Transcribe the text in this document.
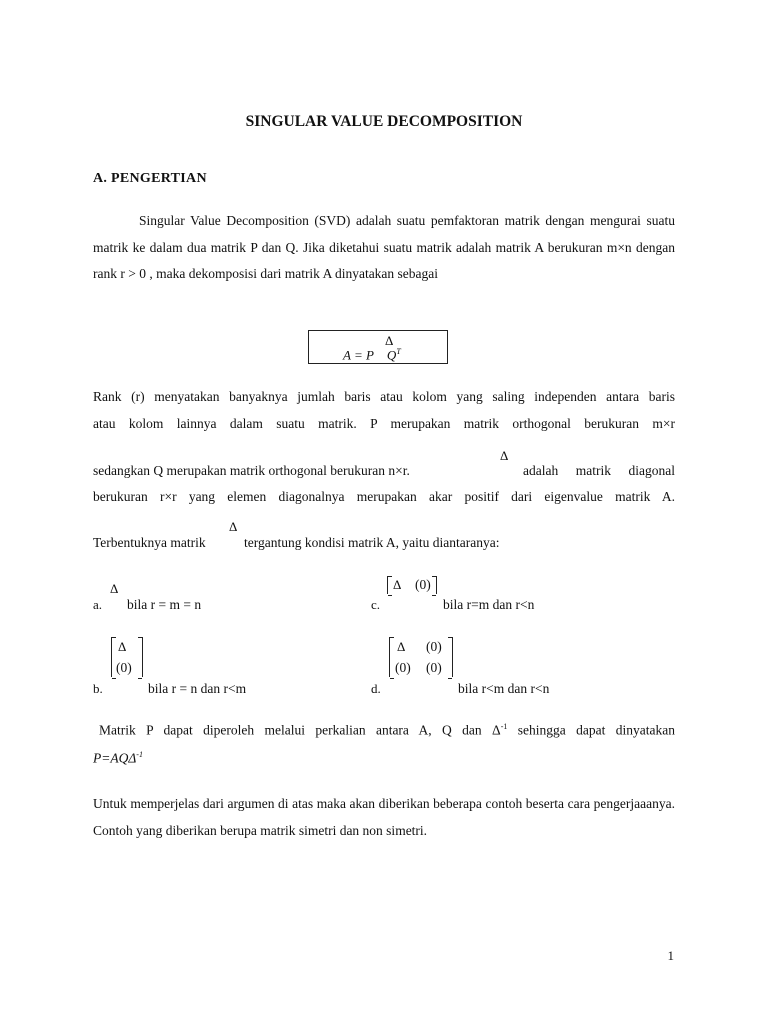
SINGULAR VALUE DECOMPOSITION
A. PENGERTIAN
Singular Value Decomposition (SVD) adalah suatu pemfaktoran matrik dengan mengurai suatu matrik ke dalam dua matrik P dan Q. Jika diketahui suatu matrik adalah matrik A berukuran m×n dengan rank r > 0 , maka dekomposisi dari matrik A dinyatakan sebagai
Δ
A = P $Q^T$
Rank (r) menyatakan banyaknya jumlah baris atau kolom yang saling independen antara baris
atau kolom lainnya dalam suatu matrik. P merupakan matrik orthogonal berukuran m×r
Δ
sedangkan Q merupakan matrik orthogonal berukuran n×r.	adalah matrik diagonal
berukuran r×r yang elemen diagonalnya merupakan akar positif dari eigenvalue matrik A.
Δ
Terbentuknya matrik	tergantung kondisi matrik A, yaitu diantaranya:
Δ
a. bila r = m = n
Δ (0)
c.	bila r=m dan r<n
Δ
(0)
b.	bila r = n dan r<m
Δ (0)
(0) (0)
d.	bila r<m dan r<n
Matrik P dapat diperoleh melalui perkalian antara A, Q dan $\Delta^{-1}$ sehingga dapat dinyatakan
$P=AQ\Delta^{-1}$
Untuk memperjelas dari argumen di atas maka akan diberikan beberapa contoh beserta cara pengerjaaanya. Contoh yang diberikan berupa matrik simetri dan non simetri.
1
